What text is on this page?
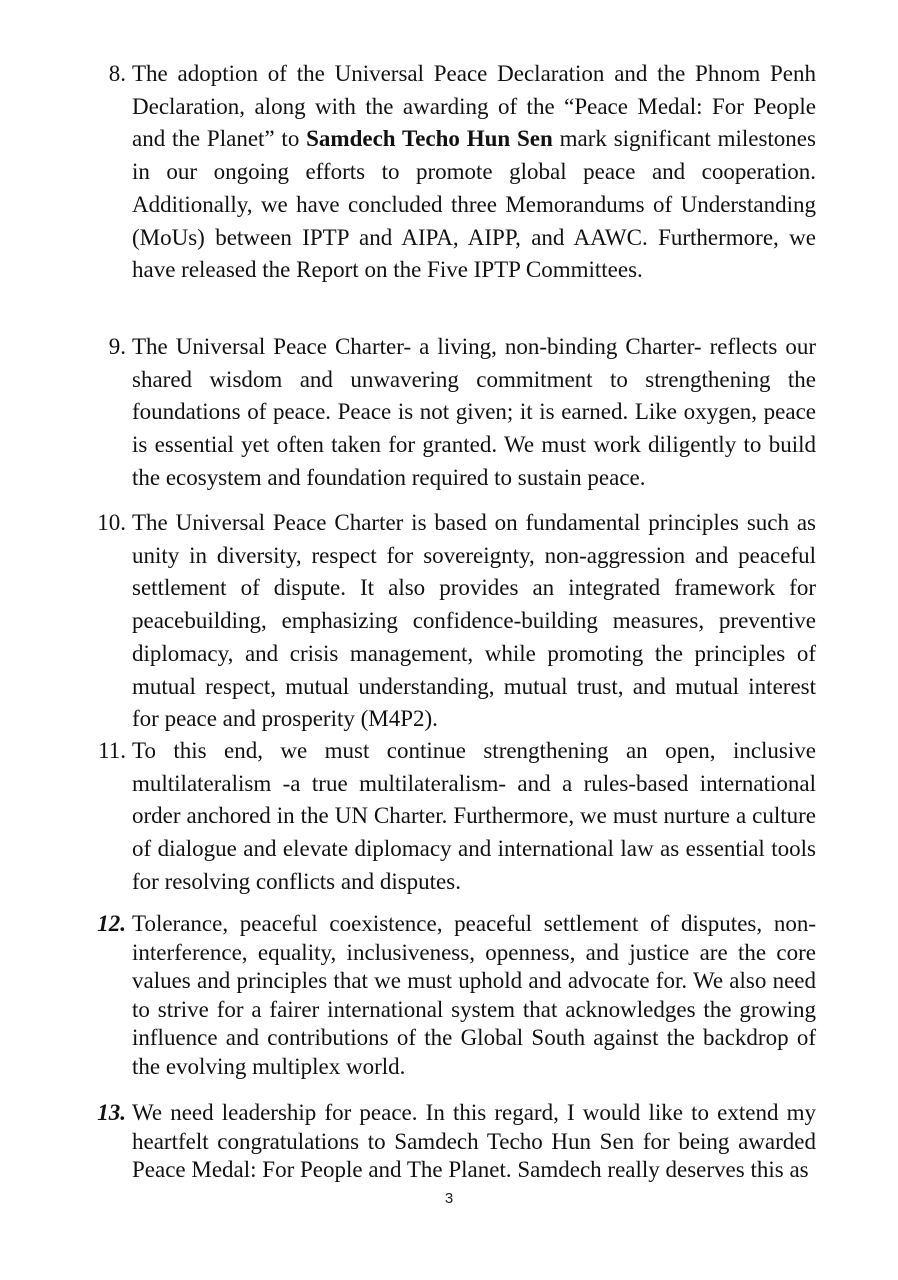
8. The adoption of the Universal Peace Declaration and the Phnom Penh Declaration, along with the awarding of the “Peace Medal: For People and the Planet” to Samdech Techo Hun Sen mark significant milestones in our ongoing efforts to promote global peace and cooperation. Additionally, we have concluded three Memorandums of Understanding (MoUs) between IPTP and AIPA, AIPP, and AAWC. Furthermore, we have released the Report on the Five IPTP Committees.
9. The Universal Peace Charter- a living, non-binding Charter- reflects our shared wisdom and unwavering commitment to strengthening the foundations of peace. Peace is not given; it is earned. Like oxygen, peace is essential yet often taken for granted. We must work diligently to build the ecosystem and foundation required to sustain peace.
10. The Universal Peace Charter is based on fundamental principles such as unity in diversity, respect for sovereignty, non-aggression and peaceful settlement of dispute. It also provides an integrated framework for peacebuilding, emphasizing confidence-building measures, preventive diplomacy, and crisis management, while promoting the principles of mutual respect, mutual understanding, mutual trust, and mutual interest for peace and prosperity (M4P2).
11. To this end, we must continue strengthening an open, inclusive multilateralism -a true multilateralism- and a rules-based international order anchored in the UN Charter. Furthermore, we must nurture a culture of dialogue and elevate diplomacy and international law as essential tools for resolving conflicts and disputes.
12. Tolerance, peaceful coexistence, peaceful settlement of disputes, non-interference, equality, inclusiveness, openness, and justice are the core values and principles that we must uphold and advocate for. We also need to strive for a fairer international system that acknowledges the growing influence and contributions of the Global South against the backdrop of the evolving multiplex world.
13. We need leadership for peace. In this regard, I would like to extend my heartfelt congratulations to Samdech Techo Hun Sen for being awarded Peace Medal: For People and The Planet. Samdech really deserves this as
3
